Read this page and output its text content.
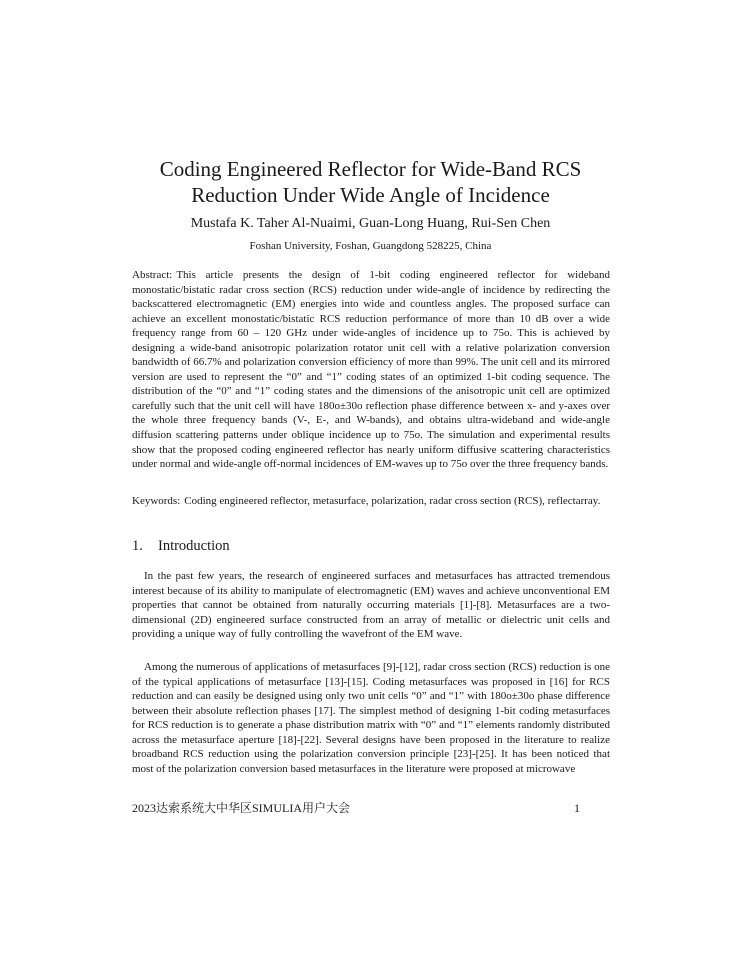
Coding Engineered Reflector for Wide-Band RCS
Reduction Under Wide Angle of Incidence
Mustafa K. Taher Al-Nuaimi, Guan-Long Huang, Rui-Sen Chen
Foshan University, Foshan, Guangdong 528225, China
Abstract: This article presents the design of 1-bit coding engineered reflector for wideband monostatic/bistatic radar cross section (RCS) reduction under wide-angle of incidence by redirecting the backscattered electromagnetic (EM) energies into wide and countless angles. The proposed surface can achieve an excellent monostatic/bistatic RCS reduction performance of more than 10 dB over a wide frequency range from 60 – 120 GHz under wide-angles of incidence up to 75o. This is achieved by designing a wide-band anisotropic polarization rotator unit cell with a relative polarization conversion bandwidth of 66.7% and polarization conversion efficiency of more than 99%. The unit cell and its mirrored version are used to represent the “0” and “1” coding states of an optimized 1-bit coding sequence. The distribution of the “0” and “1” coding states and the dimensions of the anisotropic unit cell are optimized carefully such that the unit cell will have 180o±30o reflection phase difference between x- and y-axes over the whole three frequency bands (V-, E-, and W-bands), and obtains ultra-wideband and wide-angle diffusion scattering patterns under oblique incidence up to 75o. The simulation and experimental results show that the proposed coding engineered reflector has nearly uniform diffusive scattering characteristics under normal and wide-angle off-normal incidences of EM-waves up to 75o over the three frequency bands.
Keywords: Coding engineered reflector, metasurface, polarization, radar cross section (RCS), reflectarray.
1. Introduction
In the past few years, the research of engineered surfaces and metasurfaces has attracted tremendous interest because of its ability to manipulate of electromagnetic (EM) waves and achieve unconventional EM properties that cannot be obtained from naturally occurring materials [1]-[8]. Metasurfaces are a two-dimensional (2D) engineered surface constructed from an array of metallic or dielectric unit cells and providing a unique way of fully controlling the wavefront of the EM wave.
Among the numerous of applications of metasurfaces [9]-[12], radar cross section (RCS) reduction is one of the typical applications of metasurface [13]-[15]. Coding metasurfaces was proposed in [16] for RCS reduction and can easily be designed using only two unit cells “0” and “1” with 180o±30o phase difference between their absolute reflection phases [17]. The simplest method of designing 1-bit coding metasurfaces for RCS reduction is to generate a phase distribution matrix with “0” and “1” elements randomly distributed across the metasurface aperture [18]-[22]. Several designs have been proposed in the literature to realize broadband RCS reduction using the polarization conversion principle [23]-[25]. It has been noticed that most of the polarization conversion based metasurfaces in the literature were proposed at microwave
2023达索系统大中华区SIMULIA用户大会	1
